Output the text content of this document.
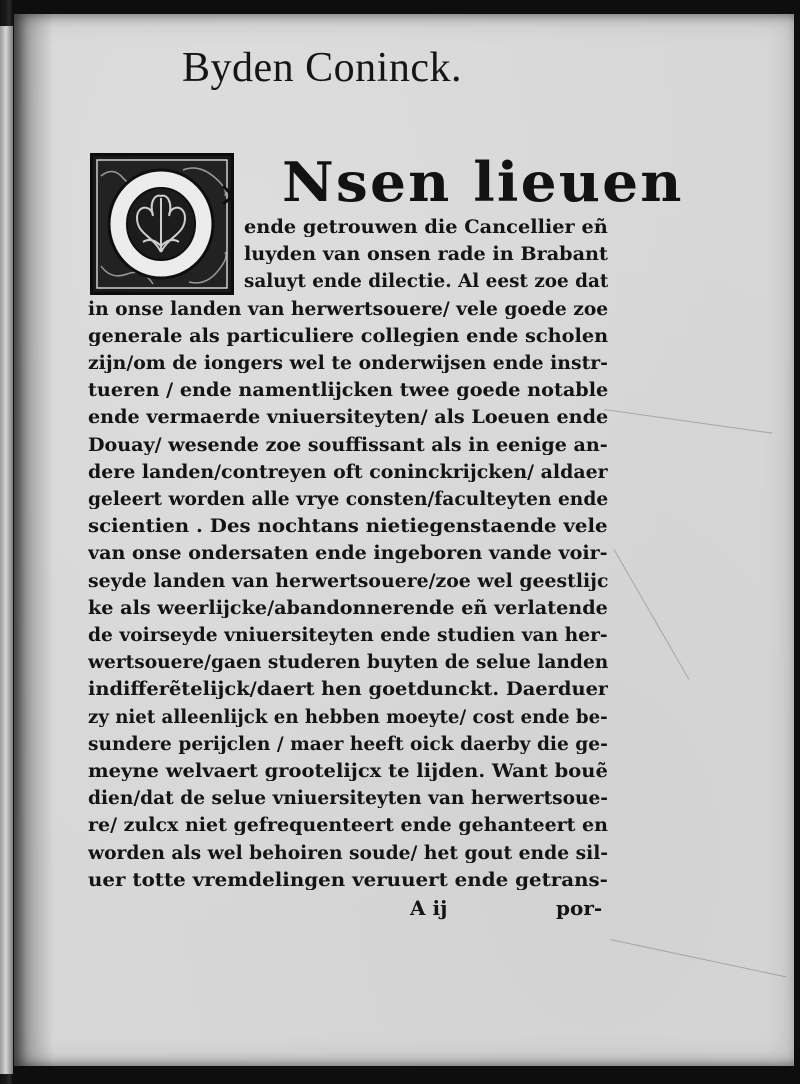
Byden Coninck.
Nsen lieuen
ende getrouwen die Cancellier eñ
luyden van onsen rade in Brabant
saluyt ende dilectie. Al eest zoe dat
in onse landen van herwertsouere/ vele goede zoe
generale als particuliere collegien ende scholen
zijn/om de iongers wel te onderwijsen ende instr-
tueren / ende namentlijcken twee goede notable
ende vermaerde vniuersiteyten/ als Loeuen ende
Douay/ wesende zoe souffissant als in eenige an-
dere landen/contreyen oft coninckrijcken/ aldaer
geleert worden alle vrye consten/faculteyten ende
scientien . Des nochtans nietiegenstaende vele
van onse ondersaten ende ingeboren vande voir-
seyde landen van herwertsouere/zoe wel geestlijc
ke als weerlijcke/abandonnerende eñ verlatende
de voirseyde vniuersiteyten ende studien van her-
wertsouere/gaen studeren buyten de selue landen
indifferẽtelijck/daert hen goetdunckt. Daerduer
zy niet alleenlijck en hebben moeyte/ cost ende be-
sundere perijclen / maer heeft oick daerby die ge-
meyne welvaert grootelijcx te lijden. Want bouẽ
dien/dat de selue vniuersiteyten van herwertsoue-
re/ zulcx niet gefrequenteert ende gehanteert en
worden als wel behoiren soude/ het gout ende sil-
uer totte vremdelingen veruuert ende getrans-
A ij	por-
